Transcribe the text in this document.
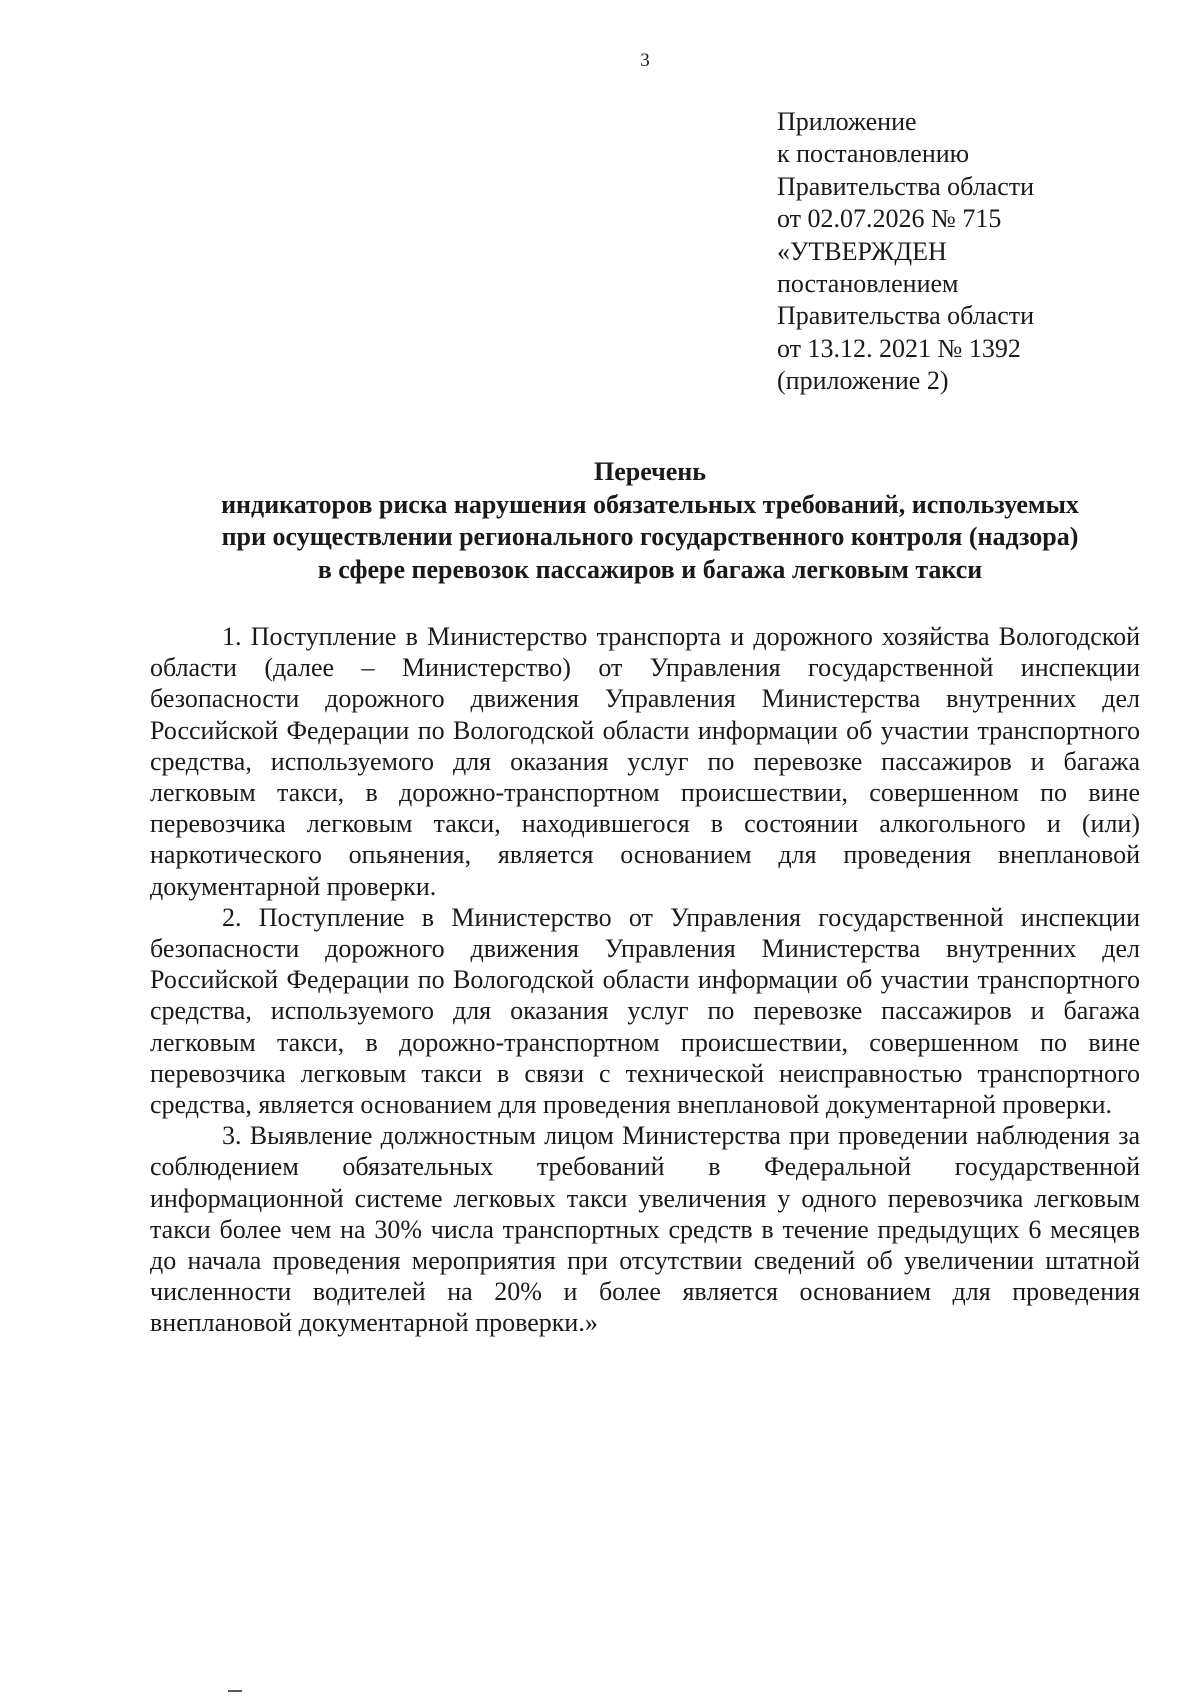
3
Приложение
к постановлению
Правительства области
от 02.07.2026 № 715
«УТВЕРЖДЕН
постановлением
Правительства области
от 13.12. 2021 № 1392
(приложение 2)
Перечень
индикаторов риска нарушения обязательных требований, используемых
при осуществлении регионального государственного контроля (надзора)
в сфере перевозок пассажиров и багажа легковым такси

1. Поступление в Министерство транспорта и дорожного хозяйства Вологодской области (далее – Министерство) от Управления государственной инспекции безопасности дорожного движения Управления Министерства внутренних дел Российской Федерации по Вологодской области информации об участии транспортного средства, используемого для оказания услуг по перевозке пассажиров и багажа легковым такси, в дорожно-транспортном происшествии, совершенном по вине перевозчика легковым такси, находившегося в состоянии алкогольного и (или) наркотического опьянения, является основанием для проведения внеплановой документарной проверки.

2. Поступление в Министерство от Управления государственной инспекции безопасности дорожного движения Управления Министерства внутренних дел Российской Федерации по Вологодской области информации об участии транспортного средства, используемого для оказания услуг по перевозке пассажиров и багажа легковым такси, в дорожно-транспортном происшествии, совершенном по вине перевозчика легковым такси в связи с технической неисправностью транспортного средства, является основанием для проведения внеплановой документарной проверки.

3. Выявление должностным лицом Министерства при проведении наблюдения за соблюдением обязательных требований в Федеральной государственной информационной системе легковых такси увеличения у одного перевозчика легковым такси более чем на 30% числа транспортных средств в течение предыдущих 6 месяцев до начала проведения мероприятия при отсутствии сведений об увеличении штатной численности водителей на 20% и более является основанием для проведения внеплановой документарной проверки.»
